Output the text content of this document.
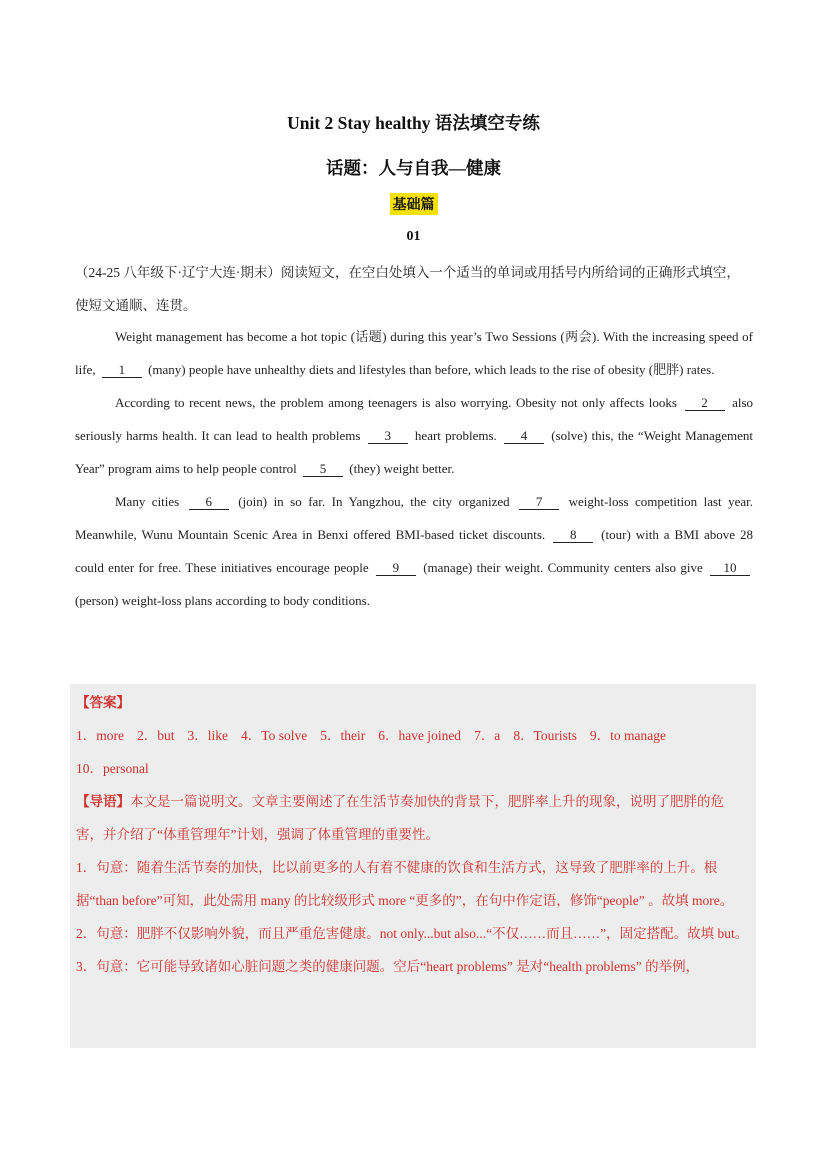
Unit 2 Stay healthy 语法填空专练
话题：人与自我—健康
基础篇
01
（24-25 八年级下·辽宁大连·期末）阅读短文，在空白处填入一个适当的单词或用括号内所给词的正确形式填空，使短文通顺、连贯。

Weight management has become a hot topic (话题) during this year’s Two Sessions (两会). With the increasing speed of life, 1 (many) people have unhealthy diets and lifestyles than before, which leads to the rise of obesity (肥胖) rates.

According to recent news, the problem among teenagers is also worrying. Obesity not only affects looks 2 also seriously harms health. It can lead to health problems 3 heart problems. 4 (solve) this, the “Weight Management Year” program aims to help people control 5 (they) weight better.

Many cities 6 (join) in so far. In Yangzhou, the city organized 7 weight-loss competition last year. Meanwhile, Wunu Mountain Scenic Area in Benxi offered BMI-based ticket discounts. 8 (tour) with a BMI above 28 could enter for free. These initiatives encourage people 9 (manage) their weight. Community centers also give 10 (person) weight-loss plans according to body conditions.

【答案】

1．more 2．but 3．like 4．To solve 5．their 6．have joined 7．a 8．Tourists 9．to manage
10．personal

【导语】本文是一篇说明文。文章主要阐述了在生活节奏加快的背景下，肥胖率上升的现象，说明了肥胖的危害，并介绍了“体重管理年”计划，强调了体重管理的重要性。

1．句意：随着生活节奏的加快，比以前更多的人有着不健康的饮食和生活方式，这导致了肥胖率的上升。根据“than before”可知，此处需用 many 的比较级形式 more “更多的”，在句中作定语，修饰“people” 。故填 more。

2．句意：肥胖不仅影响外貌，而且严重危害健康。not only...but also...“不仅……而且……”，固定搭配。故填 but。

3．句意：它可能导致诸如心脏问题之类的健康问题。空后“heart problems” 是对“health problems” 的举例，
